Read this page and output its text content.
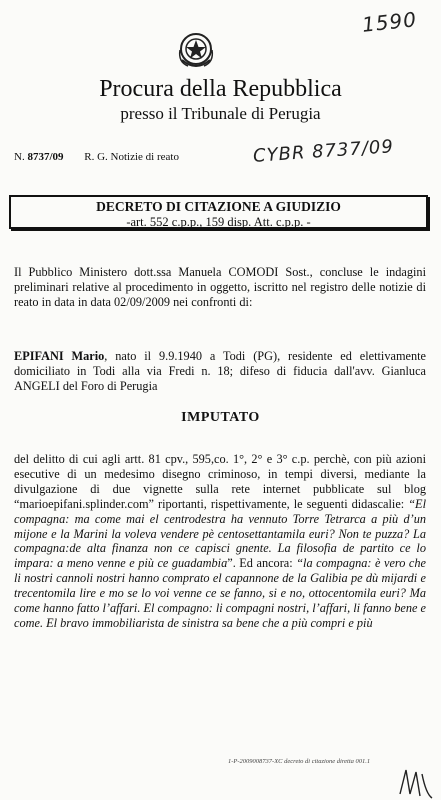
1590
Procura della Repubblica
presso il Tribunale di Perugia
N. 8737/09 R. G. Notizie di reato	CYBR 8737/09
DECRETO DI CITAZIONE A GIUDIZIO
-art. 552 c.p.p., 159 disp. Att. c.p.p. -
Il Pubblico Ministero dott.ssa Manuela COMODI Sost., concluse le indagini preliminari relative al procedimento in oggetto, iscritto nel registro delle notizie di reato in data in data 02/09/2009 nei confronti di:
EPIFANI Mario, nato il 9.9.1940 a Todi (PG), residente ed elettivamente domiciliato in Todi alla via Fredi n. 18; difeso di fiducia dall'avv. Gianluca ANGELI del Foro di Perugia
IMPUTATO
del delitto di cui agli artt. 81 cpv., 595,co. 1°, 2° e 3° c.p. perchè, con più azioni esecutive di un medesimo disegno criminoso, in tempi diversi, mediante la divulgazione di due vignette sulla rete internet pubblicate sul blog “marioepifani.splinder.com” riportanti, rispettivamente, le seguenti didascalie: “El compagna: ma come mai el centrodestra ha vennuto Torre Tetrarca a più d’un mijone e la Marini la voleva vendere pè centosettantamila euri? Non te puzza? La compagna:de alta finanza non ce capisci gnente. La filosofia de partito ce lo impara: a meno venne e più ce guadambia”. Ed ancora: “la compagna: è vero che li nostri cannoli nostri hanno comprato el capannone de la Galibia pe dù mijardi e trecentomila lire e mo se lo voi venne ce se fanno, si e no, ottocentomila euri? Ma come hanno fatto l’affari. El compagno: li compagni nostri, l’affari, li fanno bene e come. El bravo immobiliarista de sinistra sa bene che a più compri e più
1-P-2009008737-XC decreto di citazione diretta 001.1
